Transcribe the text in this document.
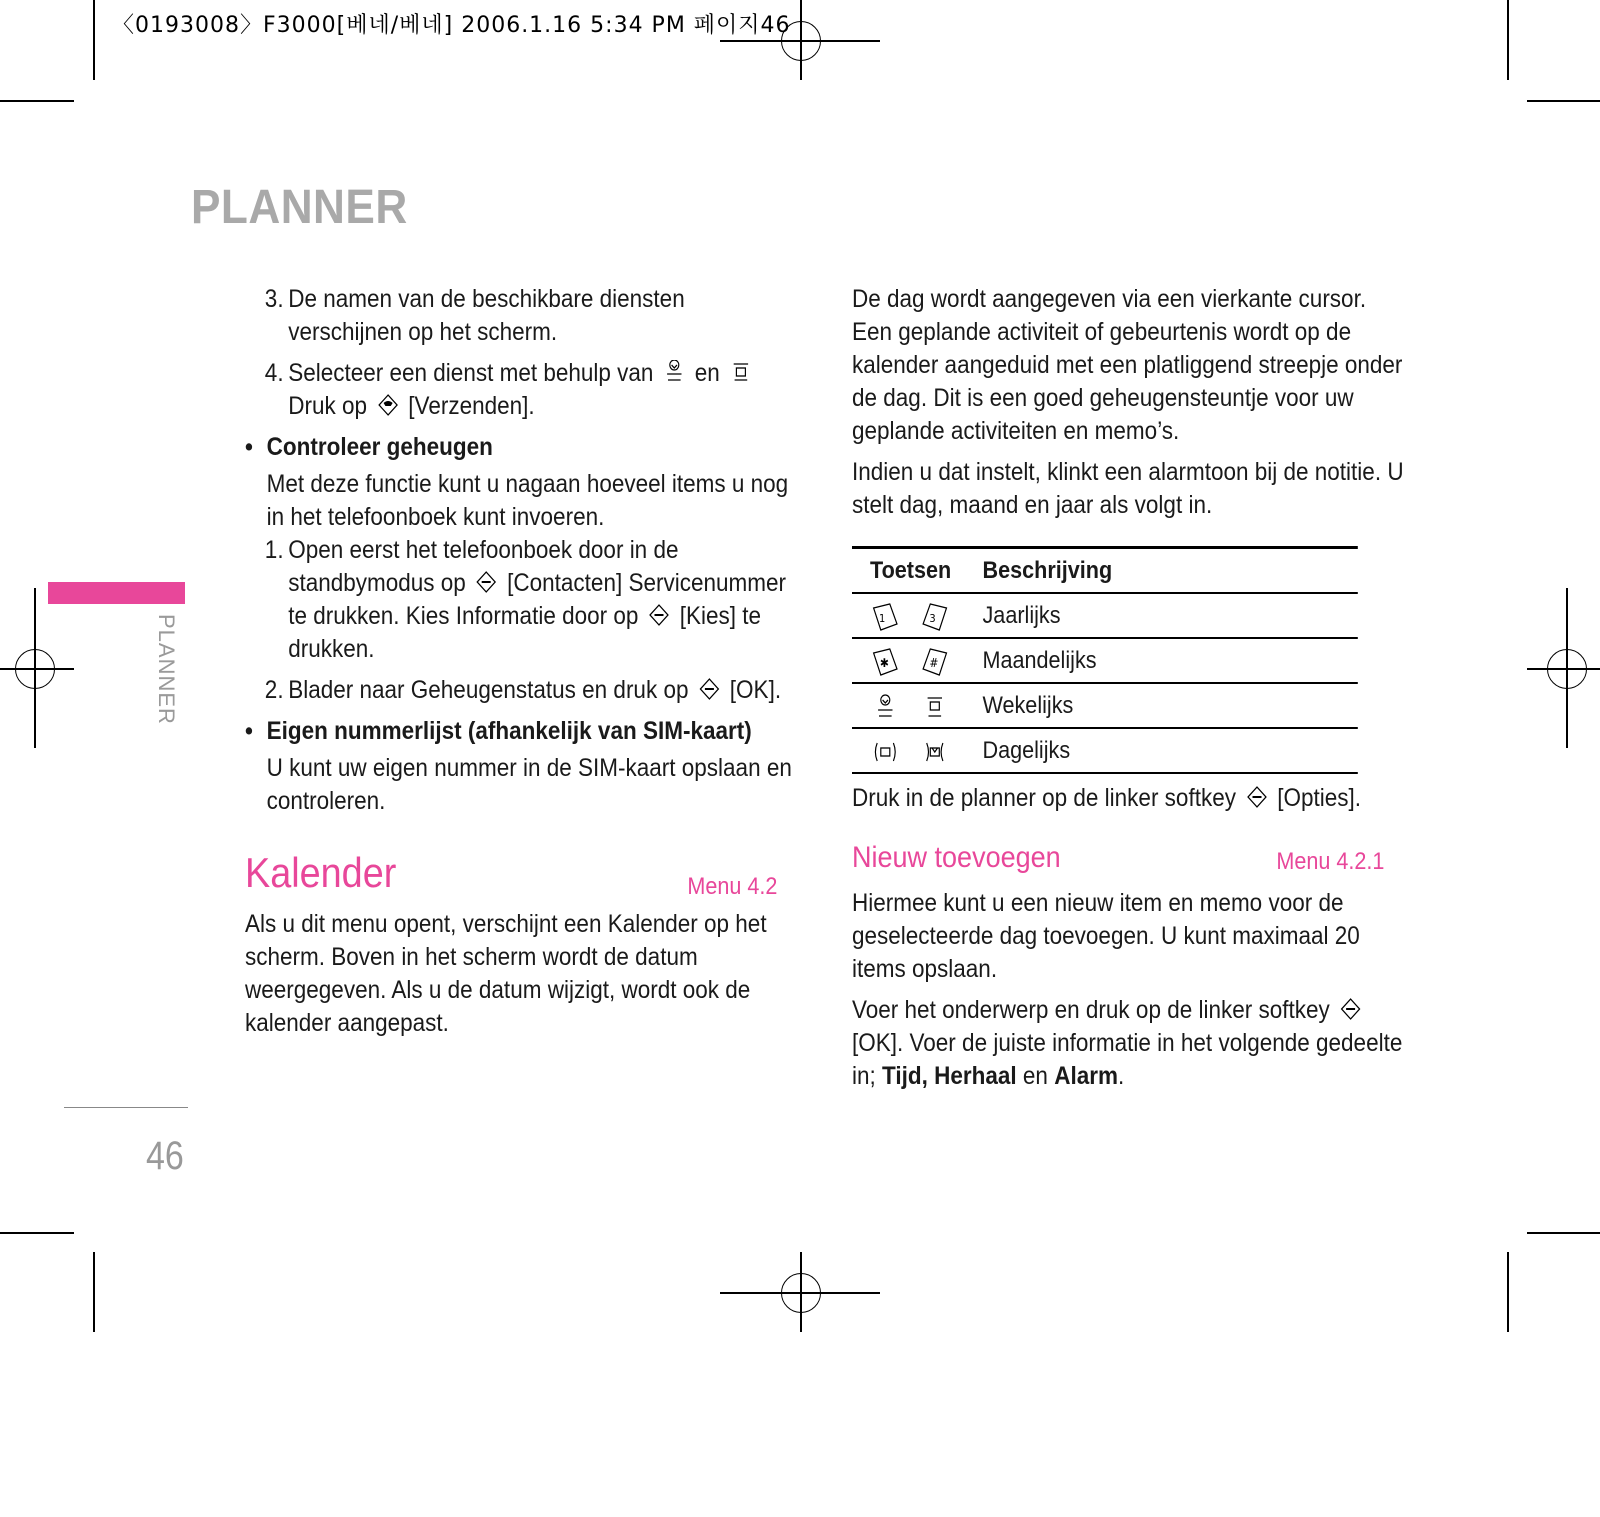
〈0193008〉F3000[베네/베네] 2006.1.16 5:34 PM 페이지46
PLANNER
PLANNER
46
3. De namen van de beschikbare diensten verschijnen op het scherm.
4. Selecteer een dienst met behulp van en  Druk op [Verzenden].
• Controleer geheugen

Met deze functie kunt u nagaan hoeveel items u nog in het telefoonboek kunt invoeren.

1. Open eerst het telefoonboek door in de standbymodus op [Contacten] Servicenummer te drukken. Kies Informatie door op [Kies] te drukken.
2. Blader naar Geheugenstatus en druk op [OK].
• Eigen nummerlijst (afhankelijk van SIM-kaart)

U kunt uw eigen nummer in de SIM-kaart opslaan en controleren.

Kalender	Menu 4.2

Als u dit menu opent, verschijnt een Kalender op het scherm. Boven in het scherm wordt de datum weergegeven. Als u de datum wijzigt, wordt ook de kalender aangepast.

De dag wordt aangegeven via een vierkante cursor. Een geplande activiteit of gebeurtenis wordt op de kalender aangeduid met een platliggend streepje onder de dag. Dit is een goed geheugensteuntje voor uw geplande activiteiten en memo’s.

Indien u dat instelt, klinkt een alarmtoon bij de notitie. U stelt dag, maand en jaar als volgt in.

Toetsen	Beschrijving

1
3	Jaarlijks

✱
#	Maandelijks
	Wekelijks
	Dagelijks

Druk in de planner op de linker softkey [Opties].

Nieuw toevoegen	Menu 4.2.1

Hiermee kunt u een nieuw item en memo voor de geselecteerde dag toevoegen. U kunt maximaal 20 items opslaan.

Voer het onderwerp en druk op de linker softkey  [OK]. Voer de juiste informatie in het volgende gedeelte in; Tijd, Herhaal en Alarm.
